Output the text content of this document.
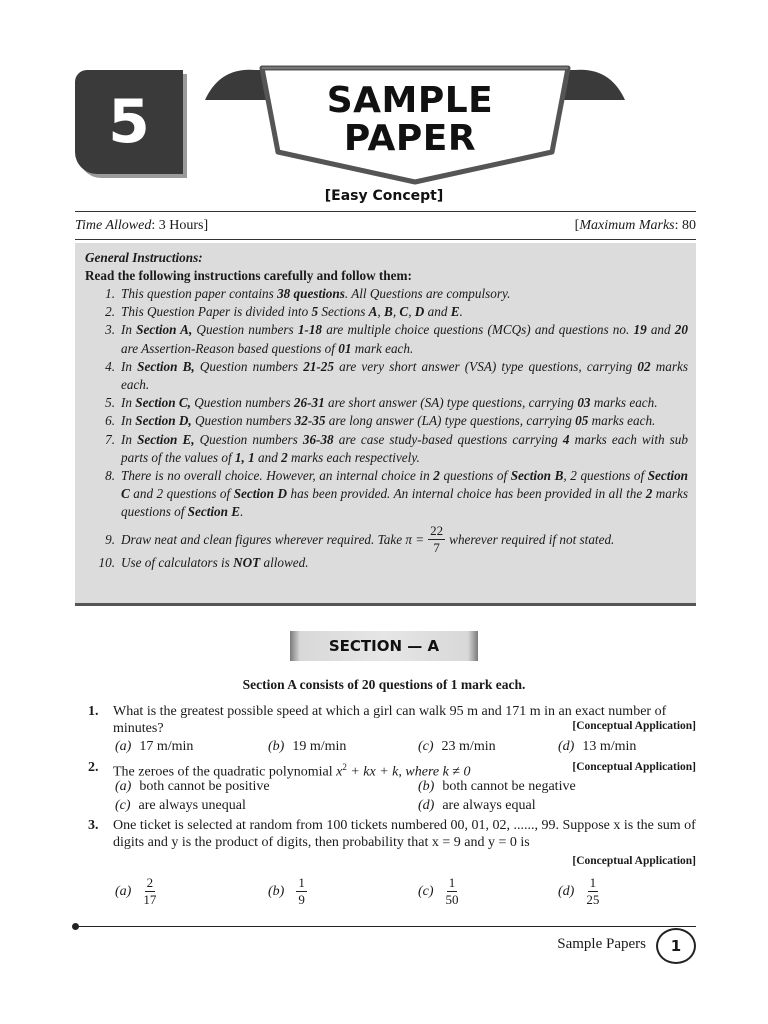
5	SAMPLE
PAPER
[Easy Concept]
Time Allowed: 3 Hours]	[Maximum Marks: 80
General Instructions:
Read the following instructions carefully and follow them:
1. This question paper contains 38 questions. All Questions are compulsory.
2. This Question Paper is divided into 5 Sections A, B, C, D and E.
3. In Section A, Question numbers 1-18 are multiple choice questions (MCQs) and questions no. 19 and 20 are Assertion-Reason based questions of 01 mark each.
4. In Section B, Question numbers 21-25 are very short answer (VSA) type questions, carrying 02 marks each.
5. In Section C, Question numbers 26-31 are short answer (SA) type questions, carrying 03 marks each.
6. In Section D, Question numbers 32-35 are long answer (LA) type questions, carrying 05 marks each.
7. In Section E, Question numbers 36-38 are case study-based questions carrying 4 marks each with sub parts of the values of 1, 1 and 2 marks each respectively.
8. There is no overall choice. However, an internal choice in 2 questions of Section B, 2 questions of Section C and 2 questions of Section D has been provided. An internal choice has been provided in all the 2 marks questions of Section E.
9. Draw neat and clean figures wherever required. Take $\pi = \frac{22}{7}$ wherever required if not stated.
10. Use of calculators is NOT allowed.
SECTION — A
Section A consists of 20 questions of 1 mark each.
1. What is the greatest possible speed at which a girl can walk 95 m and 171 m in an exact number of minutes?	[Conceptual Application]
(a) 17 m/min	(b) 19 m/min	(c) 23 m/min	(d) 13 m/min
2. The zeroes of the quadratic polynomial $x^2$ + kx + k, where k ≠ 0	[Conceptual Application]
(a) both cannot be positive	(b) both cannot be negative
(c) are always unequal	(d) are always equal
3. One ticket is selected at random from 100 tickets numbered 00, 01, 02, ......, 99. Suppose x is the sum of digits and y is the product of digits, then probability that x = 9 and y = 0 is
[Conceptual Application]
$(a) \frac{2}{17}$	$(b) \frac{1}{9}$	$(c) \frac{1}{50}$	$(d) \frac{1}{25}$
Sample Papers	1
